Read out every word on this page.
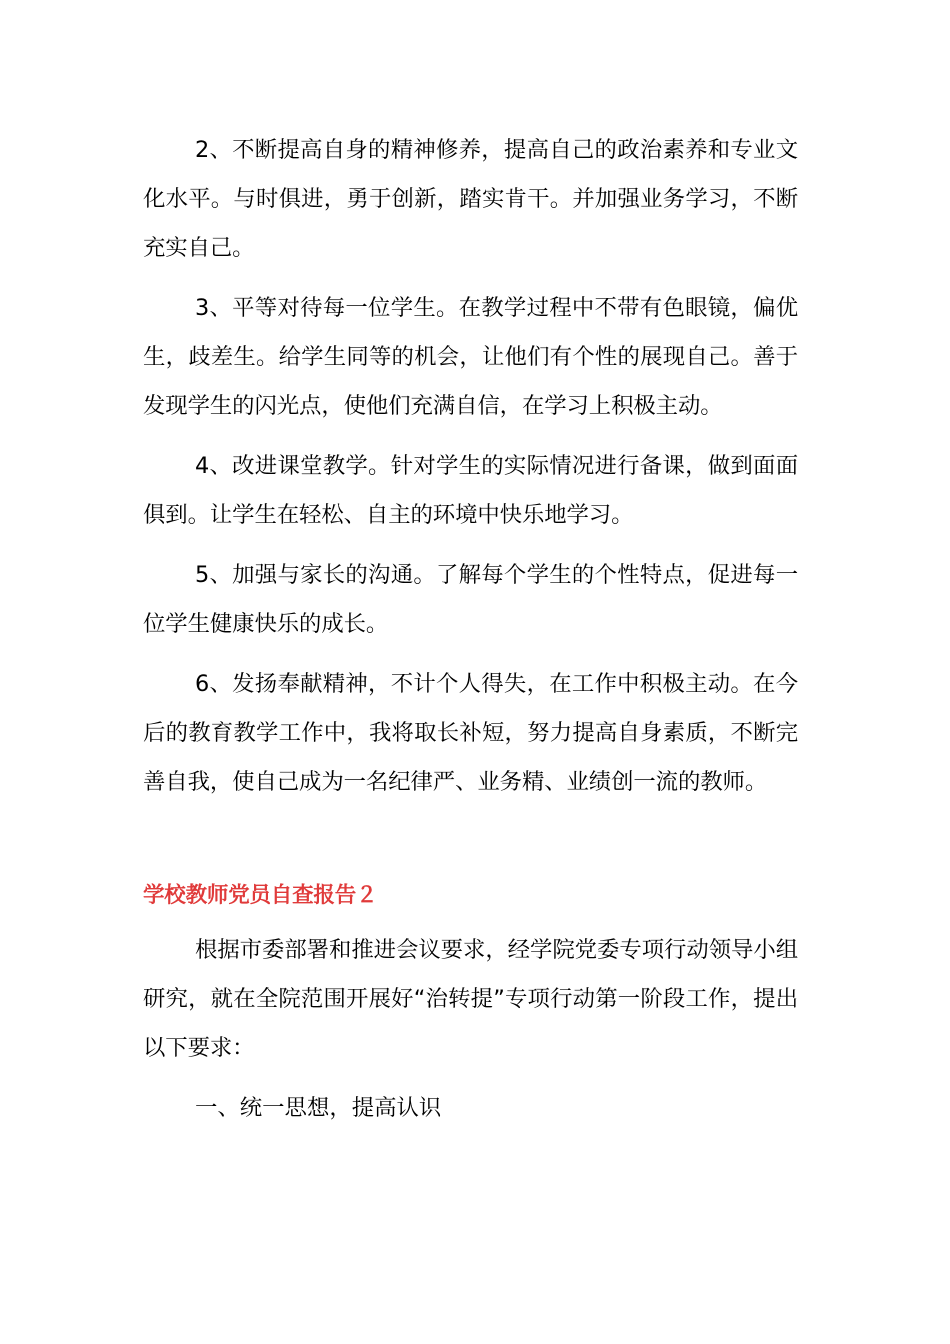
2、不断提高自身的精神修养，提高自己的政治素养和专业文化水平。与时俱进，勇于创新，踏实肯干。并加强业务学习，不断充实自己。

3、平等对待每一位学生。在教学过程中不带有色眼镜，偏优生，歧差生。给学生同等的机会，让他们有个性的展现自己。善于发现学生的闪光点，使他们充满自信，在学习上积极主动。

4、改进课堂教学。针对学生的实际情况进行备课，做到面面俱到。让学生在轻松、自主的环境中快乐地学习。

5、加强与家长的沟通。了解每个学生的个性特点，促进每一位学生健康快乐的成长。

6、发扬奉献精神，不计个人得失，在工作中积极主动。在今后的教育教学工作中，我将取长补短，努力提高自身素质，不断完善自我，使自己成为一名纪律严、业务精、业绩创一流的教师。

学校教师党员自查报告２

根据市委部署和推进会议要求，经学院党委专项行动领导小组研究，就在全院范围开展好“治转提”专项行动第一阶段工作，提出以下要求：

一、统一思想，提高认识
